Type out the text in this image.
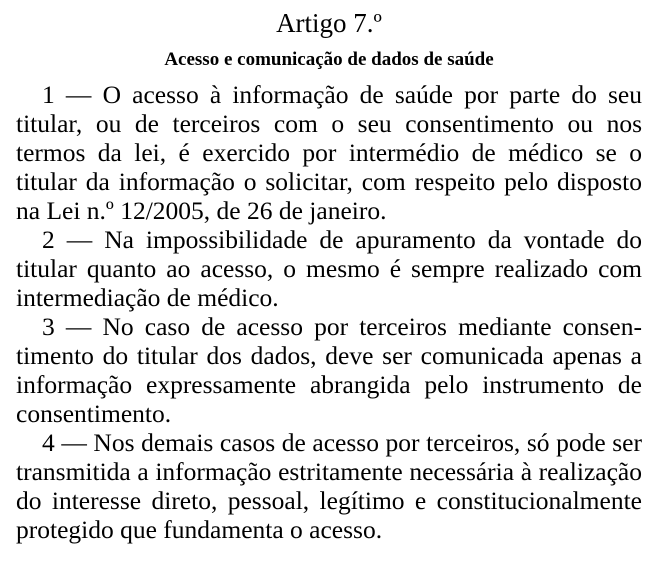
Artigo 7.º
Acesso e comunicação de dados de saúde

1 — O acesso à informação de saúde por parte do seu titular, ou de terceiros com o seu consentimento ou nos termos da lei, é exercido por intermédio de médico se o titular da informação o solicitar, com respeito pelo disposto na Lei n.º 12/2005, de 26 de janeiro.

2 — Na impossibilidade de apuramento da vontade do titular quanto ao acesso, o mesmo é sempre realizado com intermediação de médico.

3 — No caso de acesso por terceiros mediante consentimento do titular dos dados, deve ser comunicada apenas a informação expressamente abrangida pelo instrumento de consentimento.

4 — Nos demais casos de acesso por terceiros, só pode ser transmitida a informação estritamente necessária à realização do interesse direto, pessoal, legítimo e constitucionalmente protegido que fundamenta o acesso.
